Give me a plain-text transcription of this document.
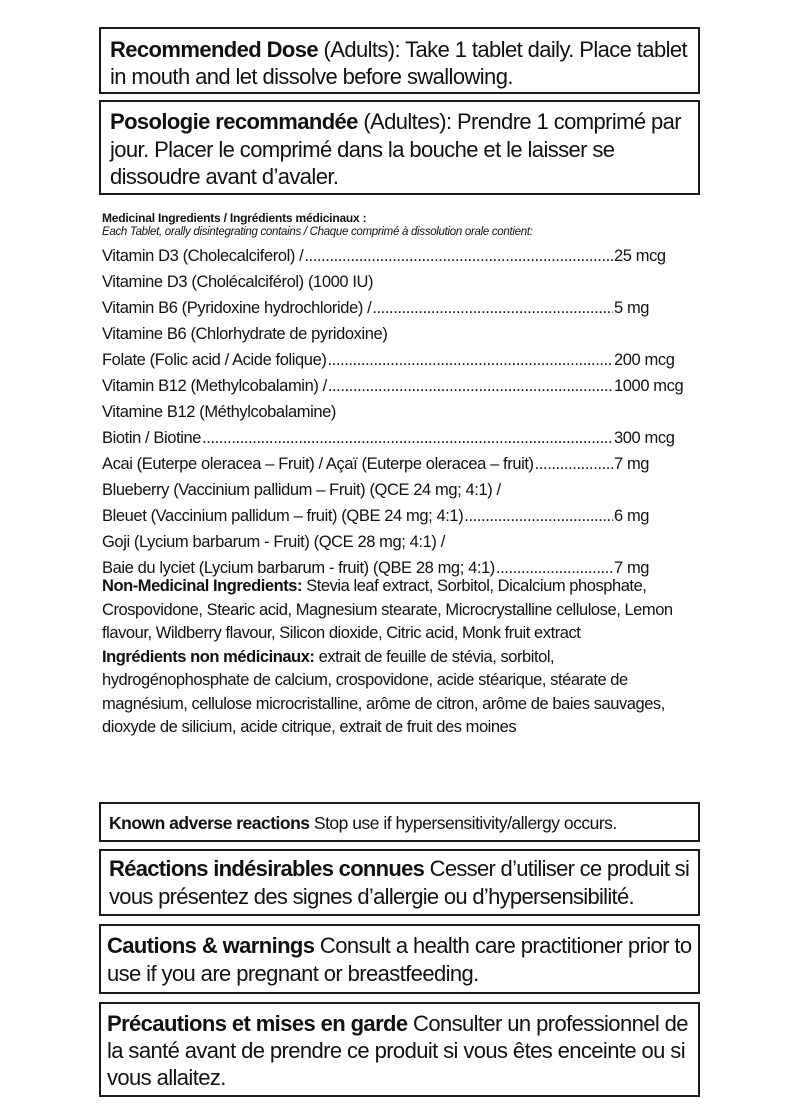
Recommended Dose (Adults): Take 1 tablet daily. Place tablet in mouth and let dissolve before swallowing.
Posologie recommandée (Adultes): Prendre 1 comprimé par jour. Placer le comprimé dans la bouche et le laisser se dissoudre avant d’avaler.
Medicinal Ingredients / Ingrédients médicinaux :
Each Tablet, orally disintegrating contains / Chaque comprimé à dissolution orale contient:
Vitamin D3 (Cholecalciferol) / .....	25 mcg
Vitamine D3 (Cholécalciférol) (1000 IU)
Vitamin B6 (Pyridoxine hydrochloride) / .....	5 mg
Vitamine B6 (Chlorhydrate de pyridoxine)
Folate (Folic acid / Acide folique) .....	200 mcg
Vitamin B12 (Methylcobalamin) / .....	1000 mcg
Vitamine B12 (Méthylcobalamine)
Biotin / Biotine .....	300 mcg
Acai (Euterpe oleracea – Fruit) / Açaï (Euterpe oleracea – fruit) .....	7 mg
Blueberry (Vaccinium pallidum – Fruit) (QCE 24 mg; 4:1) /
Bleuet (Vaccinium pallidum – fruit) (QBE 24 mg; 4:1) .....	6 mg
Goji (Lycium barbarum - Fruit) (QCE 28 mg; 4:1) /
Baie du lyciet (Lycium barbarum - fruit) (QBE 28 mg; 4:1) .....	7 mg
Non-Medicinal Ingredients: Stevia leaf extract, Sorbitol, Dicalcium phosphate, Crospovidone, Stearic acid, Magnesium stearate, Microcrystalline cellulose, Lemon flavour, Wildberry flavour, Silicon dioxide, Citric acid, Monk fruit extract
Ingrédients non médicinaux: extrait de feuille de stévia, sorbitol, hydrogénophosphate de calcium, crospovidone, acide stéarique, stéarate de magnésium, cellulose microcristalline, arôme de citron, arôme de baies sauvages, dioxyde de silicium, acide citrique, extrait de fruit des moines
Known adverse reactions Stop use if hypersensitivity/allergy occurs.
Réactions indésirables connues Cesser d’utiliser ce produit si vous présentez des signes d’allergie ou d’hypersensibilité.
Cautions & warnings Consult a health care practitioner prior to use if you are pregnant or breastfeeding.
Précautions et mises en garde Consulter un professionnel de la santé avant de prendre ce produit si vous êtes enceinte ou si vous allaitez.
